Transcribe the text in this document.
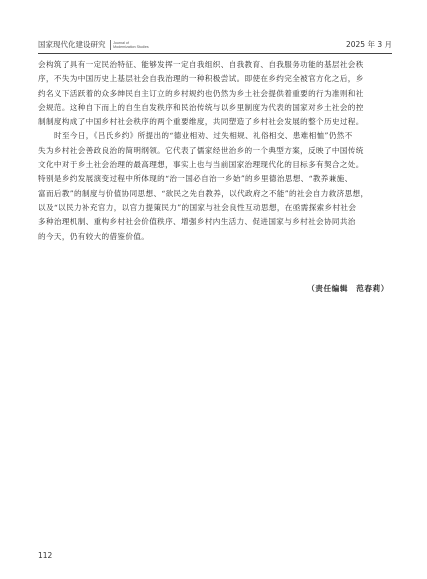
国家现代化建设研究 Journal of
Modernization Studies	2025 年 3 月

会构筑了具有一定民治特征、能够发挥一定自我组织、自我教育、自我服务功能的基层社会秩
序，不失为中国历史上基层社会自我治理的一种积极尝试。即使在乡约完全被官方化之后，乡
约名义下活跃着的众多绅民自主订立的乡村规约也仍然为乡土社会提供着重要的行为准则和社
会规范。这种自下而上的自生自发秩序和民治传统与以乡里制度为代表的国家对乡土社会的控
制制度构成了中国乡村社会秩序的两个重要维度，共同塑造了乡村社会发展的整个历史过程。

时至今日，《吕氏乡约》所提出的“德业相劝、过失相规、礼俗相交、患难相恤”仍然不
失为乡村社会善政良治的简明纲领。它代表了儒家经世治乡的一个典型方案，反映了中国传统
文化中对于乡土社会治理的最高理想，事实上也与当前国家治理现代化的目标多有契合之处。
特别是乡约发展演变过程中所体现的“治一国必自治一乡始”的乡里德治思想、“教养兼施、
富而后教”的制度与价值协同思想、“欲民之先自教养，以代政府之不能”的社会自力救济思想，
以及“以民力补充官力，以官力提策民力”的国家与社会良性互动思想，在亟需探索乡村社会
多种治理机制、重构乡村社会价值秩序、增强乡村内生活力、促进国家与乡村社会协同共治
的今天，仍有较大的借鉴价值。

（责任编辑　范春莉）
112
